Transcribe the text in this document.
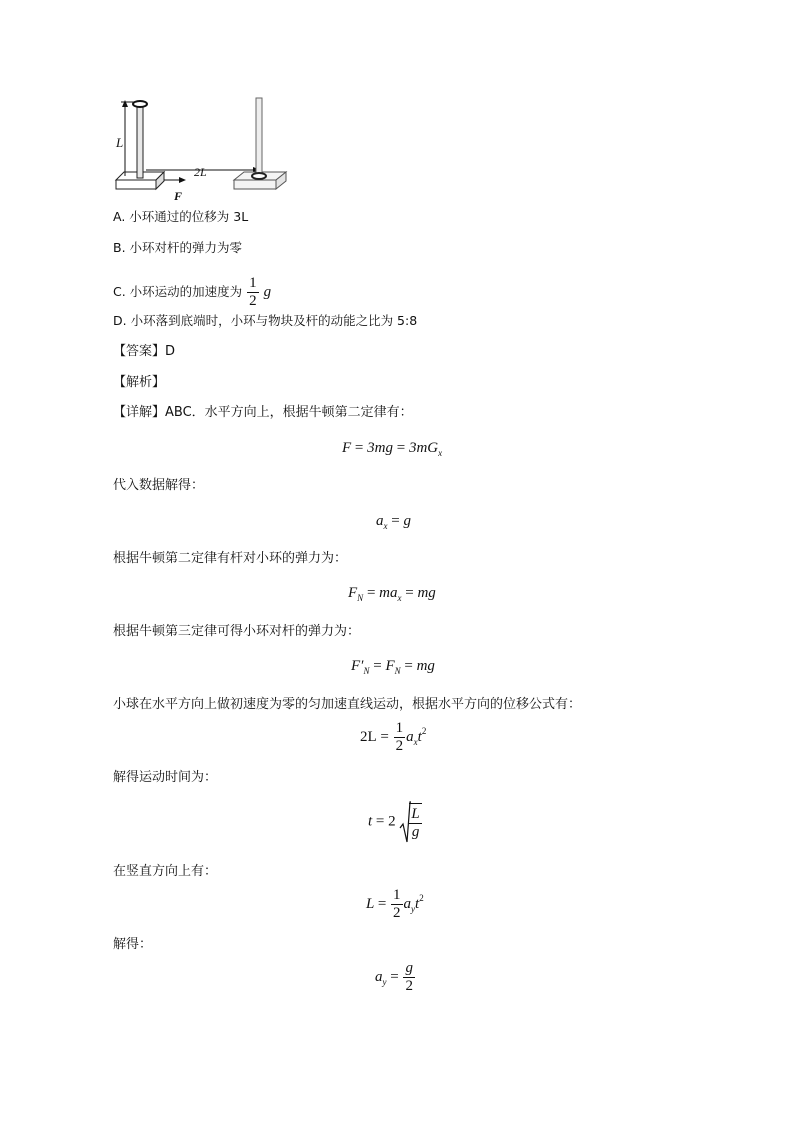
L
2L
F
A. 小环通过的位移为 3L
B. 小环对杆的弹力为零
C. 小环运动的加速度为 $\frac{1}{2}$ g
D. 小环落到底端时，小环与物块及杆的动能之比为 5:8
【答案】D
【解析】
【详解】ABC．水平方向上，根据牛顿第二定律有：
$F = 3mg = 3mG_x$
代入数据解得：
$a_x = g$
根据牛顿第二定律有杆对小环的弹力为：
$F_N = ma_x$ = mg
根据牛顿第三定律可得小环对杆的弹力为：
$F'_N = F_N$ = mg
小球在水平方向上做初速度为零的匀加速直线运动，根据水平方向的位移公式有：
$2L = \frac{1}{2} a_xt^2$
解得运动时间为：
$t = 2 \frac{L}{g}$
在竖直方向上有：
$L = \frac{1}{2} a_yt^2$
解得：
$a_y = \frac{g}{2}$
